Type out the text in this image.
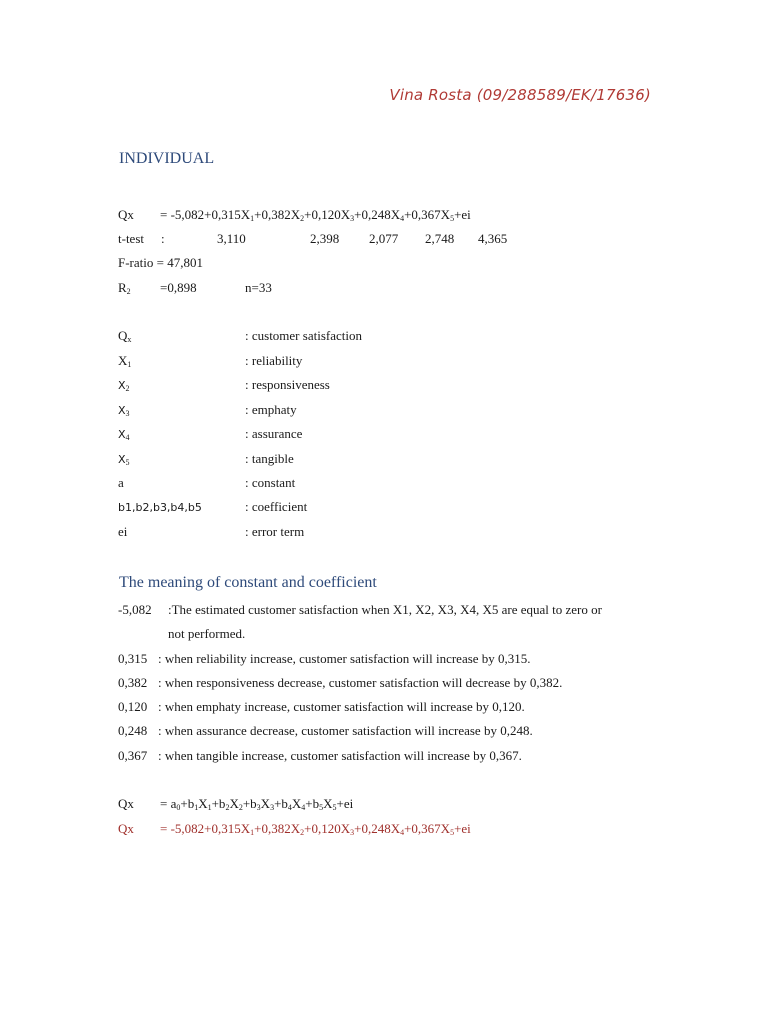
Vina Rosta (09/288589/EK/17636)
INDIVIDUAL
Qx = -5,082+0,315X1+0,382X2+0,120X3+0,248X4+0,367X5+ei
t-test :	3,110	2,398 2,077 2,748 4,365
F-ratio = 47,801
R2 =0,898	n=33
Qx	: customer satisfaction
X1	: reliability
X2	: responsiveness
X3	: emphaty
X4	: assurance
X5	: tangible
a	: constant
b1,b2,b3,b4,b5	: coefficient
ei	: error term
The meaning of constant and coefficient
-5,082 :The estimated customer satisfaction when X1, X2, X3, X4, X5 are equal to zero or
not performed.
0,315 : when reliability increase, customer satisfaction will increase by 0,315.
0,382 : when responsiveness decrease, customer satisfaction will decrease by 0,382.
0,120 : when emphaty increase, customer satisfaction will increase by 0,120.
0,248 : when assurance decrease, customer satisfaction will increase by 0,248.
0,367 : when tangible increase, customer satisfaction will increase by 0,367.
Qx = a0+b1X1+b2X2+b3X3+b4X4+b5X5+ei
Qx = -5,082+0,315X1+0,382X2+0,120X3+0,248X4+0,367X5+ei
